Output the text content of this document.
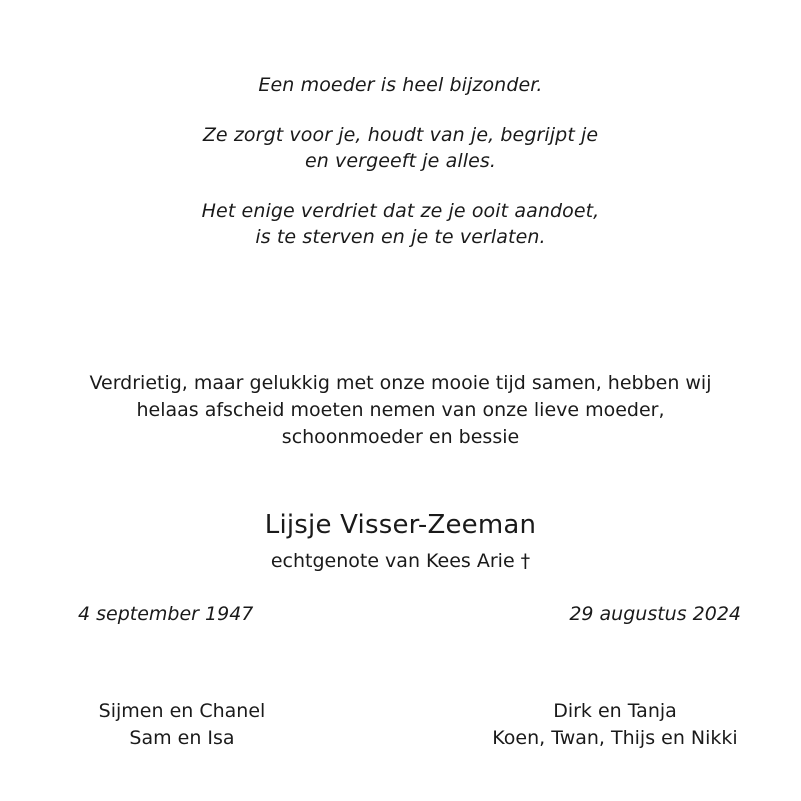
Een moeder is heel bijzonder.
Ze zorgt voor je, houdt van je, begrijpt je
en vergeeft je alles.
Het enige verdriet dat ze je ooit aandoet,
is te sterven en je te verlaten.
Verdrietig, maar gelukkig met onze mooie tijd samen, hebben wij
helaas afscheid moeten nemen van onze lieve moeder,
schoonmoeder en bessie
Lijsje Visser-Zeeman
echtgenote van Kees Arie †
4 september 1947	29 augustus 2024
Sijmen en Chanel
Sam en Isa
Dirk en Tanja
Koen, Twan, Thijs en Nikki
